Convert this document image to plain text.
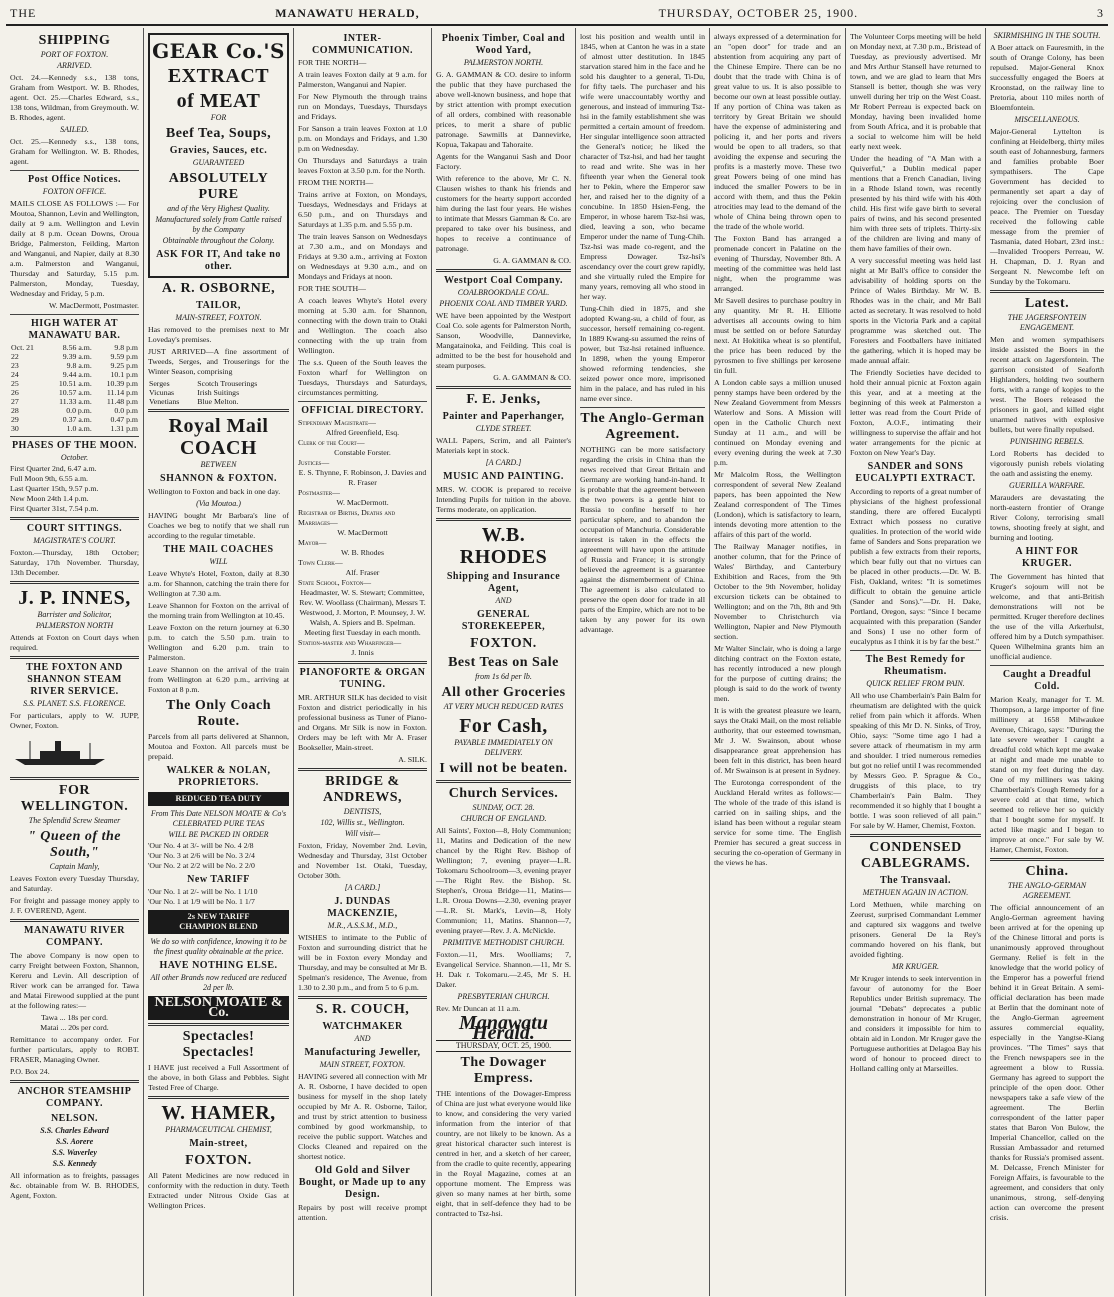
THE	MANAWATU HERALD,	THURSDAY, OCTOBER 25, 1900.	3
SHIPPING
PORT OF FOXTON.
ARRIVED.
Oct. 24.—Kennedy s.s., 138 tons, Graham from Westport. W. B. Rhodes, agent. Oct. 25.—Charles Edward, s.s., 138 tons, Wildman, from Greymouth. W. B. Rhodes, agent.
SAILED.
Oct. 25.—Kennedy s.s., 138 tons, Graham for Wellington. W. B. Rhodes, agent.
Post Office Notices.
FOXTON OFFICE.
MAILS CLOSE AS FOLLOWS :— For Moutoa, Shannon, Levin and Wellington, daily at 9 a.m. Wellington and Levin daily at 8 p.m. Ocean Downs, Oroua Bridge, Palmerston, Feilding, Marton and Wanganui, and Napier, daily at 8.30 a.m. Palmerston and Wanganui, Thursday and Saturday, 5.15 p.m. Palmerston, Monday, Tuesday, Wednesday and Friday, 5 p.m.
W. MacDermott, Postmaster.
HIGH WATER AT MANAWATU BAR.
Oct. 21	8.56 a.m.	9.8 p.m
22	9.39 a.m.	9.59 p.m
23	9.8 a.m.	9.25 p.m
24	9.44 a.m.	10.1 p.m
25	10.51 a.m.	10.39 p.m
26	10.57 a.m.	11.14 p.m
27	11.33 a.m.	11.48 p.m
28	0.0 p.m.	0.0 p.m
29	0.37 a.m.	0.47 p.m
30	1.0 a.m.	1.31 p.m
PHASES OF THE MOON.
October.
First Quarter 2nd, 6.47 a.m.
Full Moon 9th, 6.55 a.m.
Last Quarter 15th, 9.57 p.m.
New Moon 24th 1.4 p.m.
First Quarter 31st, 7.54 p.m.
COURT SITTINGS.
MAGISTRATE'S COURT.
Foxton.—Thursday, 18th October; Saturday, 17th November. Thursday, 13th December.
J. P. INNES,
Barrister and Solicitor,
PALMERSTON NORTH
Attends at Foxton on Court days when required.
THE FOXTON AND SHANNON STEAM RIVER SERVICE.
S.S. PLANET. S.S. FLORENCE.
For particulars, apply to W. JUPP, Owner, Foxton.
FOR WELLINGTON.
The Splendid Screw Steamer
" Queen of the South,"
Captain Manly,
Leaves Foxton every Tuesday Thursday, and Saturday.
For freight and passage money apply to J. F. OVEREND, Agent.
MANAWATU RIVER COMPANY.
The above Company is now open to carry Freight between Foxton, Shannon, Kereru and Levin. All description of River work can be arranged for. Tawa and Matai Firewood supplied at the punt at the following rates:—
Tawa ... 18s per cord.
Matai ... 20s per cord.
Remittance to accompany order. For further particulars, apply to ROBT. FRASER, Managing Owner.
P.O. Box 24.
ANCHOR STEAMSHIP COMPANY.
NELSON.
S.S. Charles Edward
S.S. Aorere
S.S. Waverley
S.S. Kennedy
All information as to freights, passages &c. obtainable from W. B. RHODES, Agent, Foxton.
GEAR Co.'S
EXTRACT
of MEAT
FOR
Beef Tea, Soups,
Gravies, Sauces, etc.
GUARANTEED
ABSOLUTELY PURE
and of the Very Highest Quality.
Manufactured solely from Cattle raised by the Company
Obtainable throughout the Colony.
ASK FOR IT, And take no other.
A. R. OSBORNE,
TAILOR,
MAIN-STREET, FOXTON.
Has removed to the premises next to Mr Loveday's premises.
JUST ARRIVED—A fine assortment of Tweeds, Serges, and Trouserings for the Winter Season, comprising
Serges	Scotch Trouserings
Vicunas	Irish Suitings
Venetians	Blue Melton.
Royal Mail COACH
BETWEEN
SHANNON & FOXTON.
Wellington to Foxton and back in one day.
(Via Moutoa.)
HAVING bought Mr Barbara's line of Coaches we beg to notify that we shall run according to the regular timetable.
THE MAIL COACHES
WILL
Leave Whyte's Hotel, Foxton, daily at 8.30 a.m. for Shannon, catching the train there for Wellington at 7.30 a.m.
Leave Shannon for Foxton on the arrival of the morning train from Wellington at 10.45.
Leave Foxton on the return journey at 6.30 p.m. to catch the 5.50 p.m. train to Wellington and 6.20 p.m. train to Palmerston.
Leave Shannon on the arrival of the train from Wellington at 6.20 p.m., arriving at Foxton at 8 p.m.
The Only Coach Route.
Parcels from all parts delivered at Shannon, Moutoa and Foxton. All parcels must be prepaid.
WALKER & NOLAN, PROPRIETORS.
REDUCED TEA DUTY
From This Date NELSON MOATE & Co's CELEBRATED PURE TEAS
WILL BE PACKED IN ORDER
'Our No. 4 at 3/- will be No. 4 2/8
'Our No. 3 at 2/6 will be No. 3 2/4
'Our No. 2 at 2/2 will be No. 2 2/0
New TARIFF
'Our No. 1 at 2/- will be No. 1 1/10
'Our No. 1 at 1/9 will be No. 1 1/7
2s NEW TARIFF
CHAMPION BLEND
We do so with confidence, knowing it to be the finest quality obtainable at the price.
HAVE NOTHING ELSE.
All other Brands now reduced are reduced 2d per lb.
NELSON MOATE & Co.
Spectacles! Spectacles!
I HAVE just received a Full Assortment of the above, in both Glass and Pebbles. Sight Tested Free of Charge.
W. HAMER,
PHARMACEUTICAL CHEMIST,
Main-street,
FOXTON.
All Patent Medicines are now reduced in conformity with the reduction in duty. Teeth Extracted under Nitrous Oxide Gas at Wellington Prices.
INTER-COMMUNICATION.
FOR THE NORTH—
A train leaves Foxton daily at 9 a.m. for Palmerston, Wanganui and Napier.
For New Plymouth the through trains run on Mondays, Tuesdays, Thursdays and Fridays.
For Sanson a train leaves Foxton at 1.0 p.m. on Mondays and Fridays, and 1.30 p.m on Wednesday.
On Thursdays and Saturdays a train leaves Foxton at 3.50 p.m. for the North.
FROM THE NORTH—
Trains arrive at Foxton, on Mondays, Tuesdays, Wednesdays and Fridays at 6.50 p.m., and on Thursdays and Saturdays at 1.35 p.m. and 5.55 p.m.
The train leaves Sanson on Wednesdays at 7.30 a.m., and on Mondays and Fridays at 9.30 a.m., arriving at Foxton on Wednesdays at 9.30 a.m., and on Mondays and Fridays at noon.
FOR THE SOUTH—
A coach leaves Whyte's Hotel every morning at 5.30 a.m. for Shannon, connecting with the down train to Otaki and Wellington. The coach also connecting with the up train from Wellington.
The s.s. Queen of the South leaves the Foxton wharf for Wellington on Tuesdays, Thursdays and Saturdays, circumstances permitting.
OFFICIAL DIRECTORY.
Stipendiary Magistrate—
Alfred Greenfield, Esq.
Clerk of the Court—
Constable Forster.
Justices—
E. S. Thynne, F. Robinson, J. Davies and R. Fraser
Postmaster—
W. MacDermott.
Registrar of Births, Deaths and Marriages—
W. MacDermott
Mayor—
W. B. Rhodes
Town Clerk—
Alf. Fraser
State School, Foxton—
Headmaster, W. S. Stewart; Committee, Rev. W. Woollass (Chairman), Messrs T. Westwood, J. Morton, P. Mounsey, J. W. Walsh, A. Spiers and B. Spelman. Meeting first Tuesday in each month.
Station-master and Wharfinger—
J. Innis
PIANOFORTE & ORGAN TUNING.
MR. ARTHUR SILK has decided to visit Foxton and district periodically in his professional business as Tuner of Piano- and Organs. Mr Silk is now in Foxton. Orders may be left with Mr A. Fraser Bookseller, Main-street.
A. SILK.
BRIDGE & ANDREWS,
DENTISTS,
102, Willis st., Wellington.
Will visit—
Foxton, Friday, November 2nd. Levin, Wednesday and Thursday, 31st October and November 1st. Otaki, Tuesday, October 30th.
[A CARD.]
J. DUNDAS MACKENZIE,
M.R., A.S.S.M., M.D.,
WISHES to intimate to the Public of Foxton and surrounding district that he will be in Foxton every Monday and Thursday, and may be consulted at Mr B. Spelman's residence, The Avenue, from 1.30 to 2.30 p.m., and from 5 to 6 p.m.
S. R. COUCH,
WATCHMAKER
AND
Manufacturing Jeweller,
MAIN STREET, FOXTON.
HAVING severed all connection with Mr A. R. Osborne, I have decided to open business for myself in the shop lately occupied by Mr A. R. Osborne, Tailor, and trust by strict attention to business combined by good workmanship, to receive the public support. Watches and Clocks Cleaned and repaired on the shortest notice.
Old Gold and Silver Bought, or Made up to any Design.
Repairs by post will receive prompt attention.
Phoenix Timber, Coal and Wood Yard,
PALMERSTON NORTH.
G. A. GAMMAN & CO. desire to inform the public that they have purchased the above well-known business, and hope that by strict attention with prompt execution of all orders, combined with reasonable prices, to merit a share of public patronage. Sawmills at Dannevirke, Kopua, Takapau and Tahoraite.
Agents for the Wanganui Sash and Door Factory.
With reference to the above, Mr C. N. Clausen wishes to thank his friends and customers for the hearty support accorded him during the last four years. He wishes to intimate that Messrs Gamman & Co. are prepared to take over his business, and hopes to receive a continuance of patronage.
G. A. GAMMAN & CO.
Westport Coal Company.
COALBROOKDALE COAL.
PHOENIX COAL AND TIMBER YARD.
WE have been appointed by the Westport Coal Co. sole agents for Palmerston North, Sanson, Woodville, Dannevirke, Mangatainoka, and Feilding. This coal is admitted to be the best for household and steam purposes.
G. A. GAMMAN & CO.
F. E. Jenks,
Painter and Paperhanger,
CLYDE STREET.
WALL Papers, Scrim, and all Painter's Materials kept in stock.
[A CARD.]
MUSIC AND PAINTING.
MRS. W. COOK is prepared to receive Intending Pupils for tuition in the above. Terms moderate, on application.
W.B. RHODES
Shipping and Insurance Agent,
AND
GENERAL STOREKEEPER,
FOXTON.
Best Teas on Sale
from 1s 6d per lb.
All other Groceries
AT VERY MUCH REDUCED RATES
For Cash,
PAYABLE IMMEDIATELY ON DELIVERY.
I will not be beaten.
Church Services.
SUNDAY, OCT. 28.
CHURCH OF ENGLAND.
All Saints', Foxton—8, Holy Communion; 11, Matins and Dedication of the new chancel by the Right Rev. Bishop of Wellington; 7, evening prayer—L.R. Tokomaru Schoolroom—3, evening prayer—The Right Rev. the Bishop. St. Stephen's, Oroua Bridge—11, Matins—L.R. Oroua Downs—2.30, evening prayer—L.R. St. Mark's, Levin—8, Holy Communion; 11, Matins. Shannon—7, evening prayer—Rev. J. A. McNickle.
PRIMITIVE METHODIST CHURCH.
Foxton.—11, Mrs. Woolliams; 7, Evangelical Service. Shannon.—11, Mr S. H. Dak r. Tokomaru.—2.45, Mr S. H. Daker.
PRESBYTERIAN CHURCH.
Rev. Mr Duncan at 11 a.m.
Manawatu Herald.
THURSDAY, OCT. 25, 1900.
The Dowager Empress.
THE intentions of the Dowager-Empress of China are just what everyone would like to know, and considering the very varied information from the interior of that country, are not likely to be known. As a great historical character such interest is centred in her, and a sketch of her career, from the cradle to quite recently, appearing in the Royal Magazine, comes at an opportune moment. The Empress was given so many names at her birth, some eight, that in self-defence they had to be contracted to Tsz-hsi.
lost his position and wealth until in 1845, when at Canton he was in a state of almost utter destitution. In 1845 starvation stared him in the face and he sold his daughter to a general, Ti-Du, for fifty taels. The purchaser and his wife were unaccountably worthy and generous, and instead of immuring Tsz-hsi in the family establishment she was permitted a certain amount of freedom. Her singular intelligence soon attracted the General's notice; he liked the character of Tsz-hsi, and had her taught to read and write. She was in her fifteenth year when the General took her to Pekin, where the Emperor saw her, and raised her to the dignity of a concubine. In 1850 Hsien-Feng, the Emperor, in whose harem Tsz-hsi was, died, leaving a son, who became Emperor under the name of Tung-Chih. Tsz-hsi was made co-regent, and the Empress Dowager. Tsz-hsi's ascendancy over the court grew rapidly, and she virtually ruled the Empire for many years, removing all who stood in her way.
Tung-Chih died in 1875, and she adopted Kwang-su, a child of four, as successor, herself remaining co-regent. In 1889 Kwang-su assumed the reins of power, but Tsz-hsi retained influence. In 1898, when the young Emperor showed reforming tendencies, she seized power once more, imprisoned him in the palace, and has ruled in his name ever since.
The Anglo-German Agreement.
NOTHING can be more satisfactory regarding the crisis in China than the news received that Great Britain and Germany are working hand-in-hand. It is probable that the agreement between the two powers is a gentle hint to Russia to confine herself to her particular sphere, and to abandon the occupation of Manchuria. Considerable interest is taken in the effects the agreement will have upon the attitude of Russia and France; it is strongly believed the agreement is a guarantee against the dismemberment of China. The agreement is also calculated to preserve the open door for trade in all parts of the Empire, which are not to be taken by any power for its own advantage.
always expressed of a determination for an "open door" for trade and an abstention from acquiring any part of the Chinese Empire. There can be no doubt that the trade with China is of great value to us. It is also possible to become our own at least possible outlay. If any portion of China was taken as territory by Great Britain we should have the expense of administering and policing it, and her ports and rivers would be open to all traders, so that avoiding the expense and securing the profits is a masterly move. These two great Powers being of one mind has induced the smaller Powers to be in accord with them, and thus the Pekin atrocities may lead to the demand of the whole of China being thrown open to the trade of the whole world.
The Foxton Band has arranged a promenade concert in Palatine on the evening of Thursday, November 8th. A meeting of the committee was held last night, when the programme was arranged.
Mr Savell desires to purchase poultry in any quantity. Mr R. H. Elliotte advertises all accounts owing to him must be settled on or before Saturday next. At Hokitika wheat is so plentiful, the price has been reduced by the pyrosmen to five shillings per kerosene tin full.
A London cable says a million unused penny stamps have been ordered by the New Zealand Government from Messrs Waterlow and Sons. A Mission will open in the Catholic Church next Sunday at 11 a.m., and will be continued on Monday evening and every evening during the week at 7.30 p.m.
Mr Malcolm Ross, the Wellington correspondent of several New Zealand papers, has been appointed the New Zealand correspondent of The Times (London), which is satisfactory to learn, intends devoting more attention to the affairs of this part of the world.
The Railway Manager notifies, in another column, that for the Prince of Wales' Birthday, and Canterbury Exhibition and Races, from the 9th October to the 9th November, holiday excursion tickets can be obtained to Wellington; and on the 7th, 8th and 9th November to Christchurch via Wellington, Napier and New Plymouth section.
Mr Walter Sinclair, who is doing a large ditching contract on the Foxton estate, has recently introduced a new plough for the purpose of cutting drains; the plough is said to do the work of twenty men.
It is with the greatest pleasure we learn, says the Otaki Mail, on the most reliable authority, that our esteemed townsman, Mr J. W. Swainson, about whose disappearance great apprehension has been felt in this district, has been heard of. Mr Swainson is at present in Sydney.
The Eurotonga correspondent of the Auckland Herald writes as follows:—The whole of the trade of this island is carried on in sailing ships, and the island has been without a regular steam service for some time. The English Premier has secured a great success in securing the co-operation of Germany in the views he has.
The Volunteer Corps meeting will be held on Monday next, at 7.30 p.m., Bristead of Tuesday, as previously advertised. Mr and Mrs Arthur Stansell have returned to town, and we are glad to learn that Mrs Stansell is better, though she was very unwell during her trip on the West Coast. Mr Robert Perreau is expected back on Monday, having been invalided home from South Africa, and it is probable that a social to welcome him will be held early next week.
Under the heading of "A Man with a Quiverful," a Dublin medical paper mentions that a French Canadian, living in a Rhode Island town, was recently presented by his third wife with his 40th child. His first wife gave birth to several pairs of twins, and his second presented him with three sets of triplets. Thirty-six of the children are living and many of them have families of their own.
A very successful meeting was held last night at Mr Ball's office to consider the advisability of holding sports on the Prince of Wales Birthday. Mr W. B. Rhodes was in the chair, and Mr Ball acted as secretary. It was resolved to hold sports in the Victoria Park and a capital programme was sketched out. The Foresters and Footballers have initiated the gathering, which it is hoped may be made annual affair.
The Friendly Societies have decided to hold their annual picnic at Foxton again this year, and at a meeting at the beginning of this week at Palmerston a letter was read from the Court Pride of Foxton, A.O.F., intimating their willingness to supervise the affair and hot water arrangements for the picnic at Foxton on New Year's Day.
SANDER and SONS EUCALYPTI EXTRACT.
According to reports of a great number of physicians of the highest professional standing, there are offered Eucalypti Extract which possess no curative qualities. In protection of the world wide fame of Sanders and Sons preparation we publish a few extracts from their reports, which bear fully out that no virtues can be placed in other products.—Dr. W. B. Fish, Oakland, writes: "It is sometimes difficult to obtain the genuine article (Sander and Sons)."—Dr. H. Dake, Portland, Oregon, says: "Since I became acquainted with this preparation (Sander and Sons) I use no other form of eucalyptus as I think it is by far the best."
The Best Remedy for Rheumatism.
QUICK RELIEF FROM PAIN.
All who use Chamberlain's Pain Balm for rheumatism are delighted with the quick relief from pain which it affords. When speaking of this Mr D. N. Sinks, of Troy, Ohio, says: "Some time ago I had a severe attack of rheumatism in my arm and shoulder. I tried numerous remedies but got no relief until I was recommended by Messrs Geo. P. Sprague & Co., druggists of this place, to try Chamberlain's Pain Balm. They recommended it so highly that I bought a bottle. I was soon relieved of all pain." For sale by W. Hamer, Chemist, Foxton.
CONDENSED CABLEGRAMS.
The Transvaal.
METHUEN AGAIN IN ACTION.
Lord Methuen, while marching on Zeerust, surprised Commandant Lemmer and captured six waggons and twelve prisoners. General De la Rey's commando hovered on his flank, but avoided fighting.
MR KRUGER.
Mr Kruger intends to seek intervention in favour of autonomy for the Boer Republics under British supremacy. The journal "Debats" deprecates a public demonstration in honour of Mr Kruger, and considers it impossible for him to obtain aid in London. Mr Kruger gave the Portuguese authorities at Delagoa Bay his word of honour to proceed direct to Holland calling only at Marseilles.
SKIRMISHING IN THE SOUTH.
A Boer attack on Fauresmith, in the south of Orange Colony, has been repulsed. Major-General Knox successfully engaged the Boers at Kroonstad, on the railway line to Pretoria, about 110 miles north of Bloemfontein.
MISCELLANEOUS.
Major-General Lyttelton is confining at Heidelberg, thirty miles south east of Johannesburg, farmers and families probable Boer sympathisers. The Cape Government has decided to permanently set apart a day of rejoicing over the conclusion of peace. The Premier on Tuesday received the following cable message from the premier of Tasmania, dated Hobart, 23rd inst.:—Invalided Troopers Perreau, W. H. Chapman, D. J. Ryan and Sergeant N. Newcombe left on Sunday by the Tokomaru.
Latest.
THE JAGERSFONTEIN ENGAGEMENT.
Men and women sympathisers inside assisted the Boers in the recent attack on Jagersfontein. The garrison consisted of Seaforth Highlanders, holding two southern forts, with a range of kopjes to the west. The Boers released the prisoners in gaol, and killed eight unarmed natives with explosive bullets, but were finally repulsed.
PUNISHING REBELS.
Lord Roberts has decided to vigorously punish rebels violating the oath and assisting the enemy.
GUERILLA WARFARE.
Marauders are devastating the north-eastern frontier of Orange River Colony, terrorising small towns, shooting freely at sight, and burning and looting.
A HINT FOR KRUGER.
The Government has hinted that Kruger's sojourn will not be welcome, and that anti-British demonstrations will not be permitted. Kruger therefore declines the use of the villa Arkerhulst, offered him by a Dutch sympathiser. Queen Wilhelmina grants him an unofficial audience.
Caught a Dreadful Cold.
Marion Kealy, manager for T. M. Thompson, a large importer of fine millinery at 1658 Milwaukee Avenue, Chicago, says: "During the late severe weather I caught a dreadful cold which kept me awake at night and made me unable to stand on my feet during the day. One of my milliners was taking Chamberlain's Cough Remedy for a severe cold at that time, which seemed to relieve her so quickly that I bought some for myself. It acted like magic and I began to improve at once." For sale by W. Hamer, Chemist, Foxton.
China.
THE ANGLO-GERMAN AGREEMENT.
The official announcement of an Anglo-German agreement having been arrived at for the opening up of the Chinese littoral and ports is unanimously approved throughout Germany. Relief is felt in the knowledge that the world policy of the Emperor has a powerful friend behind it in Great Britain. A semi-official declaration has been made at Berlin that the dominant note of the Anglo-German agreement assures commercial equality, especially in the Yangtse-Kiang provinces. "The Times" says that the French newspapers see in the agreement a blow to Russia. Germany has agreed to support the principle of the open door. Other newspapers take a safe view of the agreement. The Berlin correspondent of the latter paper states that Baron Von Bulow, the Imperial Chancellor, called on the Russian Ambassador and returned thanks for Russia's promised assent. M. Delcasse, French Minister for Foreign Affairs, is favourable to the agreement, and considers that only unanimous, strong, self-denying action can overcome the present crisis.
